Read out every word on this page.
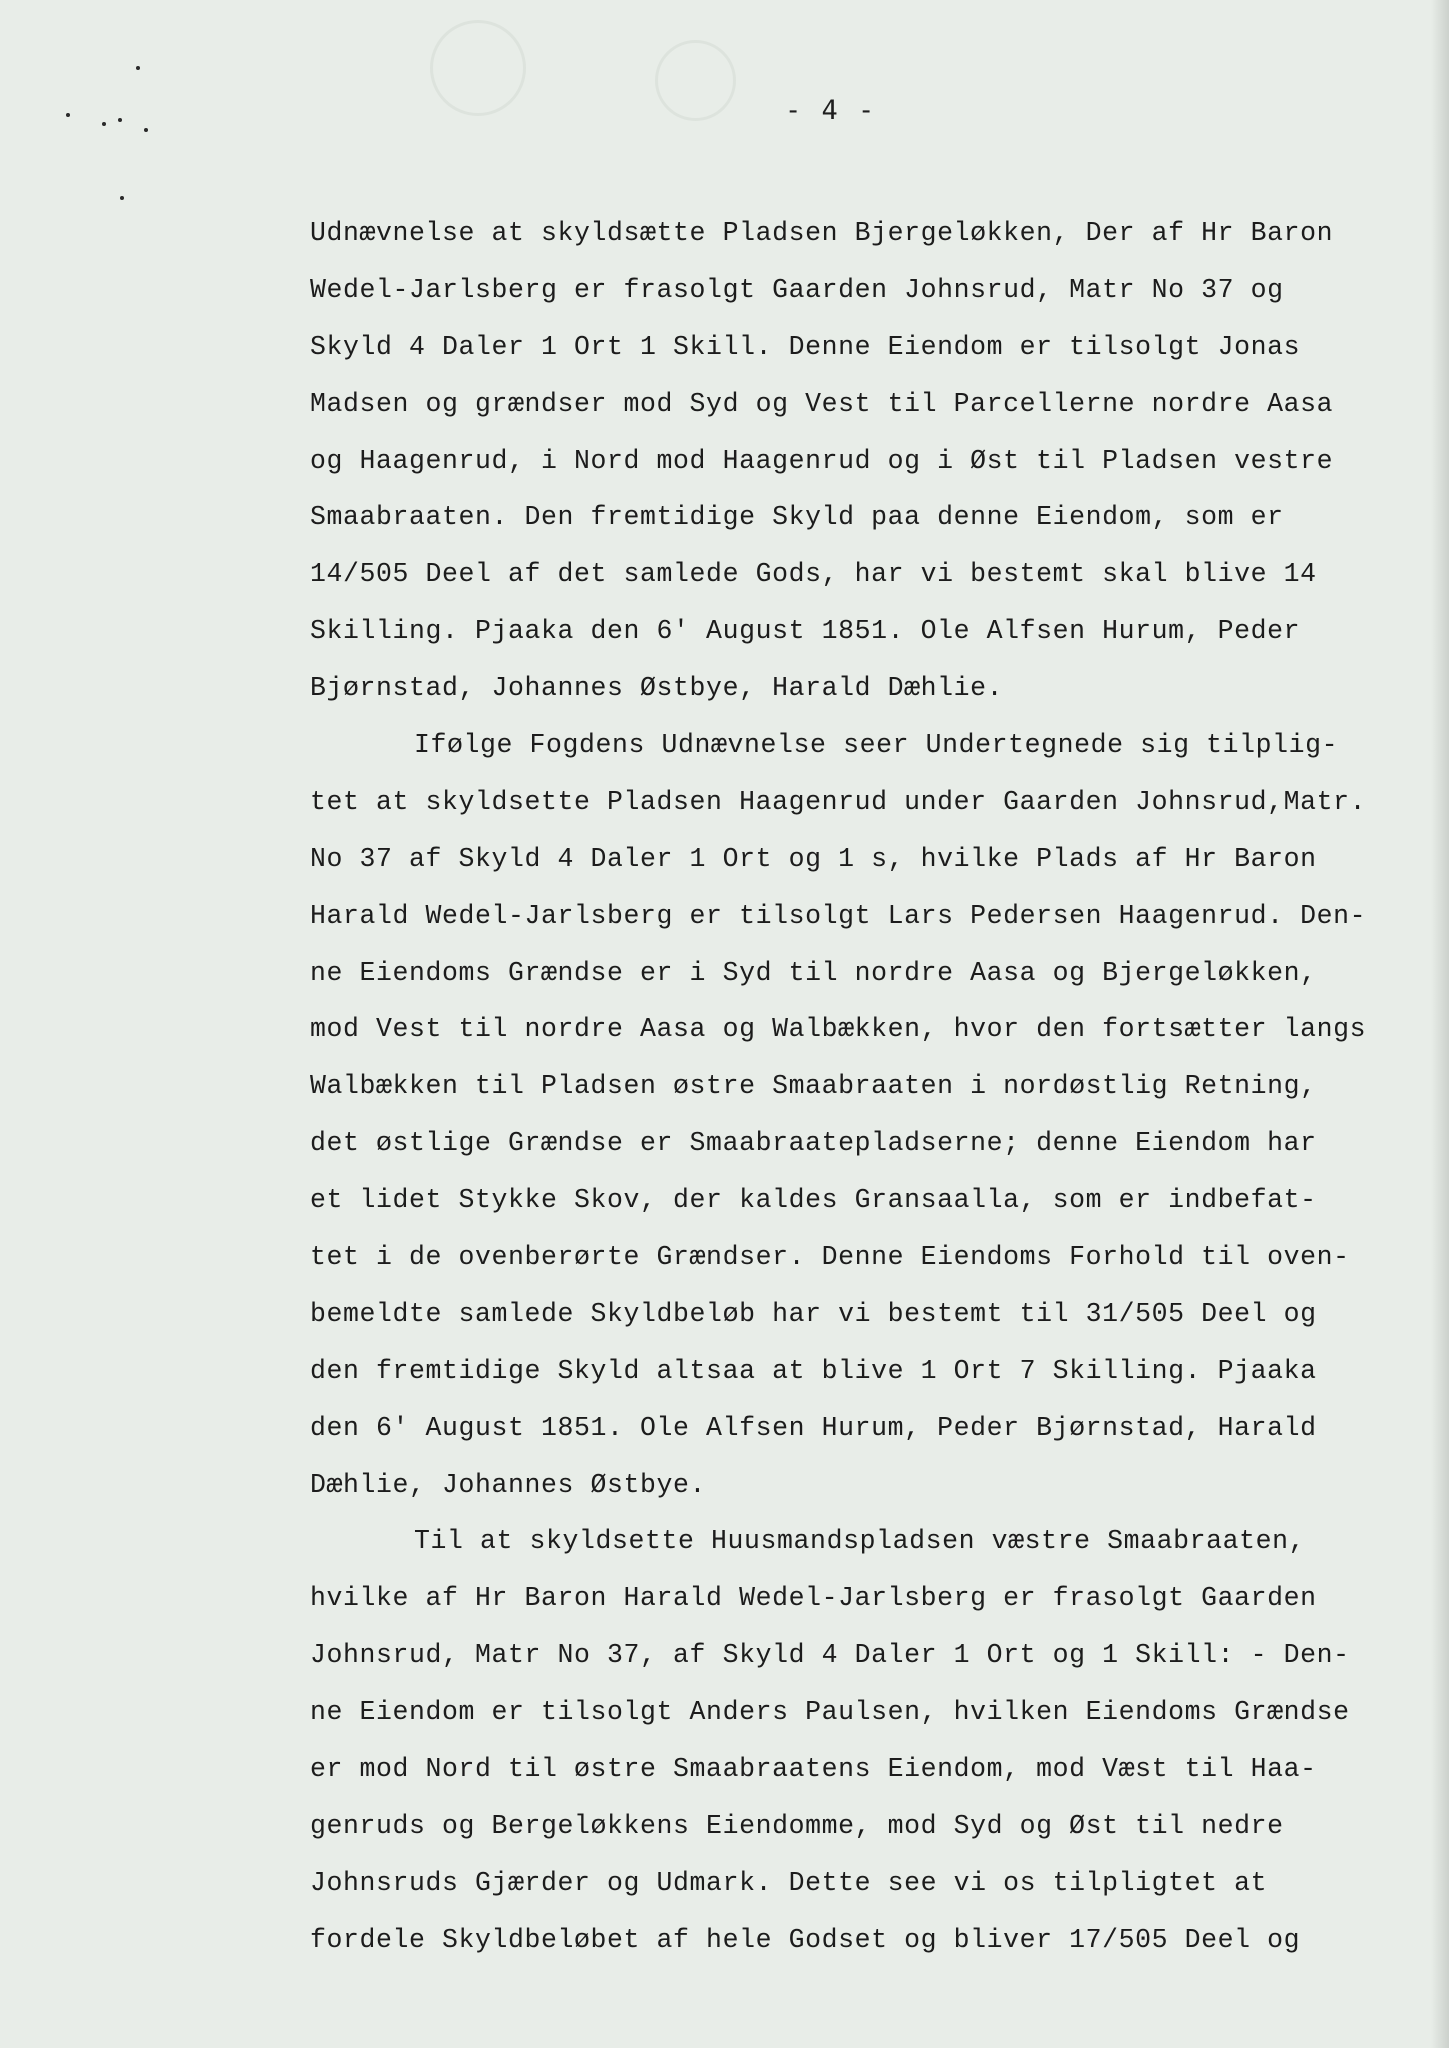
- 4 -
Udnævnelse at skyldsætte Pladsen Bjergeløkken, Der af Hr Baron
Wedel-Jarlsberg er frasolgt Gaarden Johnsrud, Matr No 37 og
Skyld 4 Daler 1 Ort 1 Skill. Denne Eiendom er tilsolgt Jonas
Madsen og grændser mod Syd og Vest til Parcellerne nordre Aasa
og Haagenrud, i Nord mod Haagenrud og i Øst til Pladsen vestre
Smaabraaten. Den fremtidige Skyld paa denne Eiendom, som er
14/505 Deel af det samlede Gods, har vi bestemt skal blive 14
Skilling. Pjaaka den 6' August 1851. Ole Alfsen Hurum, Peder
Bjørnstad, Johannes Østbye, Harald Dæhlie.
Ifølge Fogdens Udnævnelse seer Undertegnede sig tilplig-
tet at skyldsette Pladsen Haagenrud under Gaarden Johnsrud,Matr.
No 37 af Skyld 4 Daler 1 Ort og 1 s, hvilke Plads af Hr Baron
Harald Wedel-Jarlsberg er tilsolgt Lars Pedersen Haagenrud. Den-
ne Eiendoms Grændse er i Syd til nordre Aasa og Bjergeløkken,
mod Vest til nordre Aasa og Walbækken, hvor den fortsætter langs
Walbækken til Pladsen østre Smaabraaten i nordøstlig Retning,
det østlige Grændse er Smaabraatepladserne; denne Eiendom har
et lidet Stykke Skov, der kaldes Gransaalla, som er indbefat-
tet i de ovenberørte Grændser. Denne Eiendoms Forhold til oven-
bemeldte samlede Skyldbeløb har vi bestemt til 31/505 Deel og
den fremtidige Skyld altsaa at blive 1 Ort 7 Skilling. Pjaaka
den 6' August 1851. Ole Alfsen Hurum, Peder Bjørnstad, Harald
Dæhlie, Johannes Østbye.
Til at skyldsette Huusmandspladsen væstre Smaabraaten,
hvilke af Hr Baron Harald Wedel-Jarlsberg er frasolgt Gaarden
Johnsrud, Matr No 37, af Skyld 4 Daler 1 Ort og 1 Skill: - Den-
ne Eiendom er tilsolgt Anders Paulsen, hvilken Eiendoms Grændse
er mod Nord til østre Smaabraatens Eiendom, mod Væst til Haa-
genruds og Bergeløkkens Eiendomme, mod Syd og Øst til nedre
Johnsruds Gjærder og Udmark. Dette see vi os tilpligtet at
fordele Skyldbeløbet af hele Godset og bliver 17/505 Deel og
